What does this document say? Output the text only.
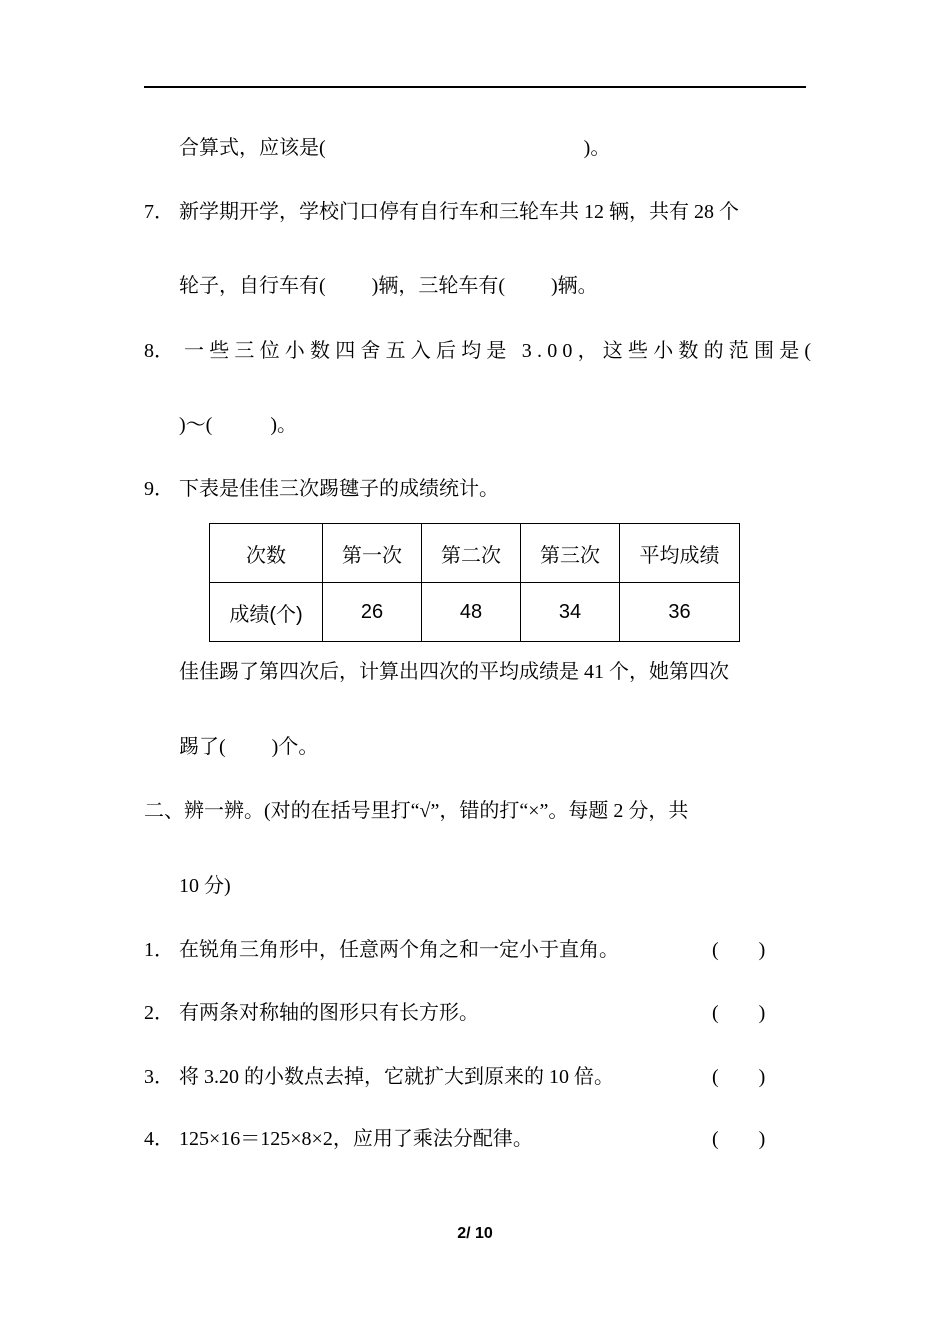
合算式，应该是(	)。
7． 新学期开学，学校门口停有自行车和三轮车共 12 辆，共有 28 个
轮子，自行车有( )辆，三轮车有( )辆。
8． 一些三位小数四舍五入后均是 3.00，这些小数的范围是(
)～(	)。
9． 下表是佳佳三次踢毽子的成绩统计。
次数	第一次	第二次	第三次	平均成绩
成绩(个)	26	48	34	36
佳佳踢了第四次后，计算出四次的平均成绩是 41 个，她第四次
踢了( )个。
二、辨一辨。(对的在括号里打“√”，错的打“×”。每题 2 分，共
10 分)
1． 在锐角三角形中，任意两个角之和一定小于直角。	( )
2． 有两条对称轴的图形只有长方形。	( )
3． 将 3.20 的小数点去掉，它就扩大到原来的 10 倍。	( )
4． 125×16＝125×8×2，应用了乘法分配律。	( )
2/ 10
